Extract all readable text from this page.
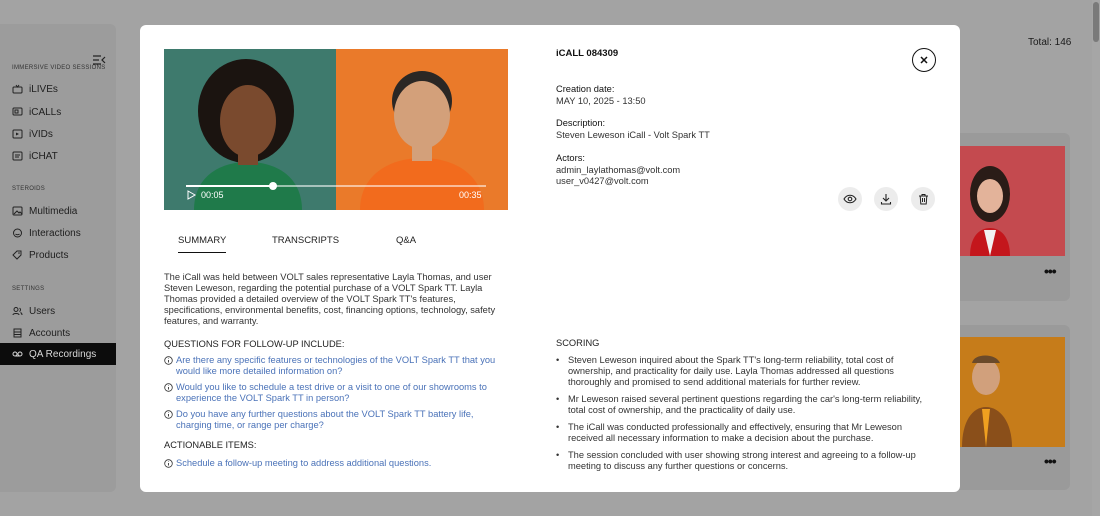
IMMERSIVE VIDEO SESSIONS
iLIVEs
iCALLs
iVIDs
iCHAT
STEROIDS
Multimedia
Interactions
Products
SETTINGS
Users
Accounts
QA Recordings
Total: 146
•••
•••
00:05	00:35
SUMMARY	TRANSCRIPTS	Q&A

The iCall was held between VOLT sales representative Layla Thomas, and user Steven Leweson, regarding the potential purchase of a VOLT Spark TT. Layla Thomas provided a detailed overview of the VOLT Spark TT's features, specifications, environmental benefits, cost, financing options, technology, safety features, and warranty.

QUESTIONS FOR FOLLOW-UP INCLUDE:
Are there any specific features or technologies of the VOLT Spark TT that you would like more detailed information on?
Would you like to schedule a test drive or a visit to one of our showrooms to experience the VOLT Spark TT in person?
Do you have any further questions about the VOLT Spark TT battery life, charging time, or range per charge?
ACTIONABLE ITEMS:
Schedule a follow-up meeting to address additional questions.
iCALL 084309
Creation date:
MAY 10, 2025 - 13:50
Description:
Steven Leweson iCall - Volt Spark TT
Actors:
admin_laylathomas@volt.com
user_v0427@volt.com
SCORING
• Steven Leweson inquired about the Spark TT's long-term reliability, total cost of ownership, and practicality for daily use. Layla Thomas addressed all questions thoroughly and promised to send additional materials for further review.
• Mr Leweson raised several pertinent questions regarding the car's long-term reliability, total cost of ownership, and the practicality of daily use.
• The iCall was conducted professionally and effectively, ensuring that Mr Leweson received all necessary information to make a decision about the purchase.
• The session concluded with user showing strong interest and agreeing to a follow-up meeting to discuss any further questions or concerns.
